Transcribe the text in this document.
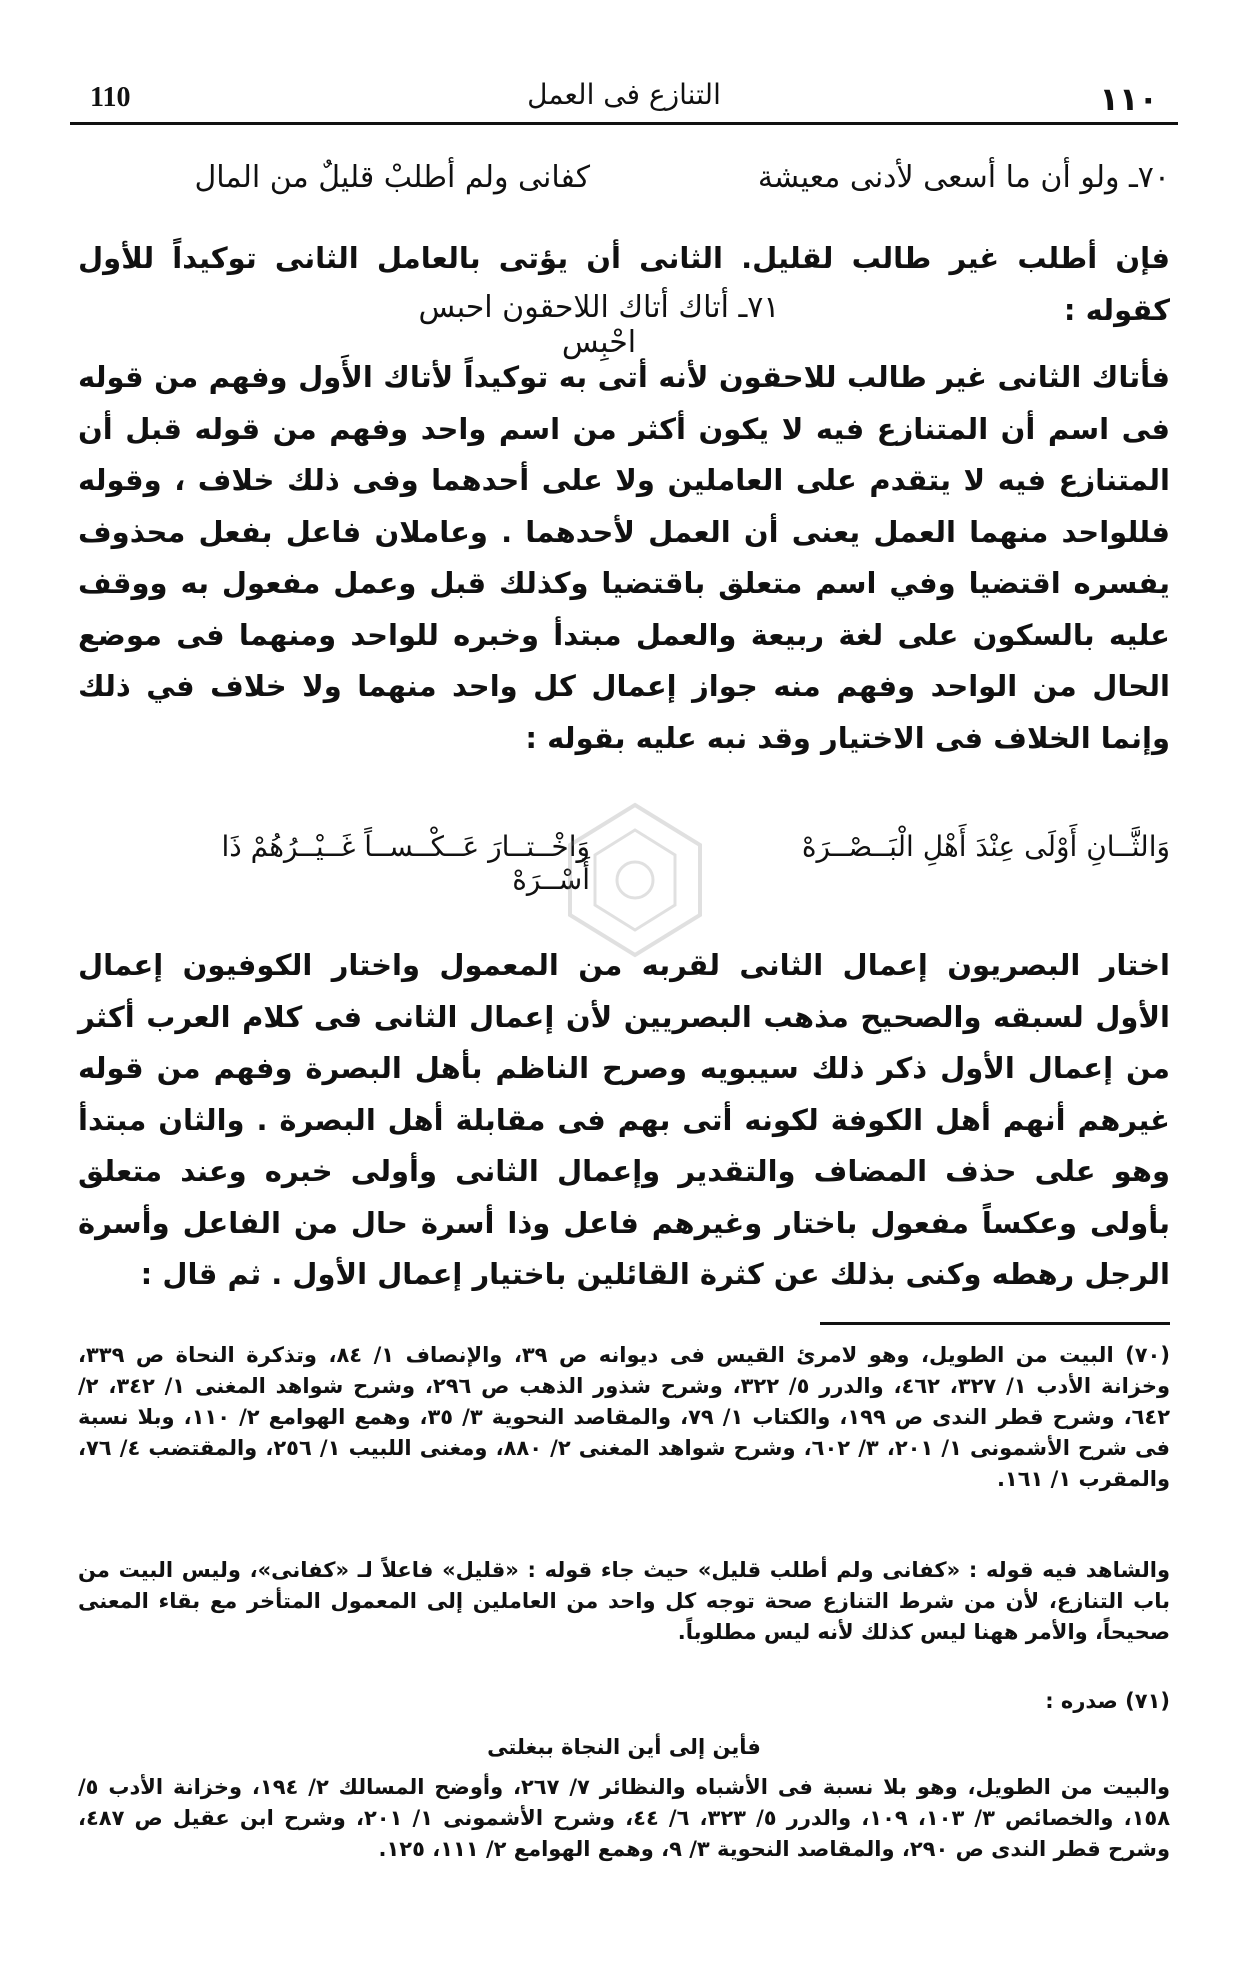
110	التنازع فى العمل	١١٠
٧٠ـ ولو أن ما أسعى لأدنى معيشة
كفانى ولم أطلبْ قليلٌ من المال
فإن أطلب غير طالب لقليل. الثانى أن يؤتى بالعامل الثانى توكيداً للأول كقوله :
٧١ـ أتاك أتاك اللاحقون احبس احْبِس
فأتاك الثانى غير طالب للاحقون لأنه أتى به توكيداً لأتاك الأَول وفهم من قوله فى اسم أن المتنازع فيه لا يكون أكثر من اسم واحد وفهم من قوله قبل أن المتنازع فيه لا يتقدم على العاملين ولا على أحدهما وفى ذلك خلاف ، وقوله فللواحد منهما العمل يعنى أن العمل لأحدهما . وعاملان فاعل بفعل محذوف يفسره اقتضيا وفي اسم متعلق باقتضيا وكذلك قبل وعمل مفعول به ووقف عليه بالسكون على لغة ربيعة والعمل مبتدأ وخبره للواحد ومنهما فى موضع الحال من الواحد وفهم منه جواز إعمال كل واحد منهما ولا خلاف في ذلك وإنما الخلاف فى الاختيار وقد نبه عليه بقوله :
وَالثَّــانِ أَوْلَى عِنْدَ أَهْلِ الْبَــصْــرَهْ
وَاخْــتــارَ عَــكْــســاً غَــيْــرُهُمْ ذَا أَسْــرَهْ
اختار البصريون إعمال الثانى لقربه من المعمول واختار الكوفيون إعمال الأول لسبقه والصحيح مذهب البصريين لأن إعمال الثانى فى كلام العرب أكثر من إعمال الأول ذكر ذلك سيبويه وصرح الناظم بأهل البصرة وفهم من قوله غيرهم أنهم أهل الكوفة لكونه أتى بهم فى مقابلة أهل البصرة . والثان مبتدأ وهو على حذف المضاف والتقدير وإعمال الثانى وأولى خبره وعند متعلق بأولى وعكساً مفعول باختار وغيرهم فاعل وذا أسرة حال من الفاعل وأسرة الرجل رهطه وكنى بذلك عن كثرة القائلين باختيار إعمال الأول . ثم قال :
(٧٠) البيت من الطويل، وهو لامرئ القيس فى ديوانه ص ٣٩، والإنصاف ١/ ٨٤، وتذكرة النحاة ص ٣٣٩، وخزانة الأدب ١/ ٣٢٧، ٤٦٢، والدرر ٥/ ٣٢٢، وشرح شذور الذهب ص ٢٩٦، وشرح شواهد المغنى ١/ ٣٤٢، ٢/ ٦٤٢، وشرح قطر الندى ص ١٩٩، والكتاب ١/ ٧٩، والمقاصد النحوية ٣/ ٣٥، وهمع الهوامع ٢/ ١١٠، وبلا نسبة فى شرح الأشمونى ١/ ٢٠١، ٣/ ٦٠٢، وشرح شواهد المغنى ٢/ ٨٨٠، ومغنى اللبيب ١/ ٢٥٦، والمقتضب ٤/ ٧٦، والمقرب ١/ ١٦١.
والشاهد فيه قوله : «كفانى ولم أطلب قليل» حيث جاء قوله : «قليل» فاعلاً لـ «كفانى»، وليس البيت من باب التنازع، لأن من شرط التنازع صحة توجه كل واحد من العاملين إلى المعمول المتأخر مع بقاء المعنى صحيحاً، والأمر ههنا ليس كذلك لأنه ليس مطلوباً.
(٧١) صدره :
فأين إلى أين النجاة ببغلتى
والبيت من الطويل، وهو بلا نسبة فى الأشباه والنظائر ٧/ ٢٦٧، وأوضح المسالك ٢/ ١٩٤، وخزانة الأدب ٥/ ١٥٨، والخصائص ٣/ ١٠٣، ١٠٩، والدرر ٥/ ٣٢٣، ٦/ ٤٤، وشرح الأشمونى ١/ ٢٠١، وشرح ابن عقيل ص ٤٨٧، وشرح قطر الندى ص ٢٩٠، والمقاصد النحوية ٣/ ٩، وهمع الهوامع ٢/ ١١١، ١٢٥.
